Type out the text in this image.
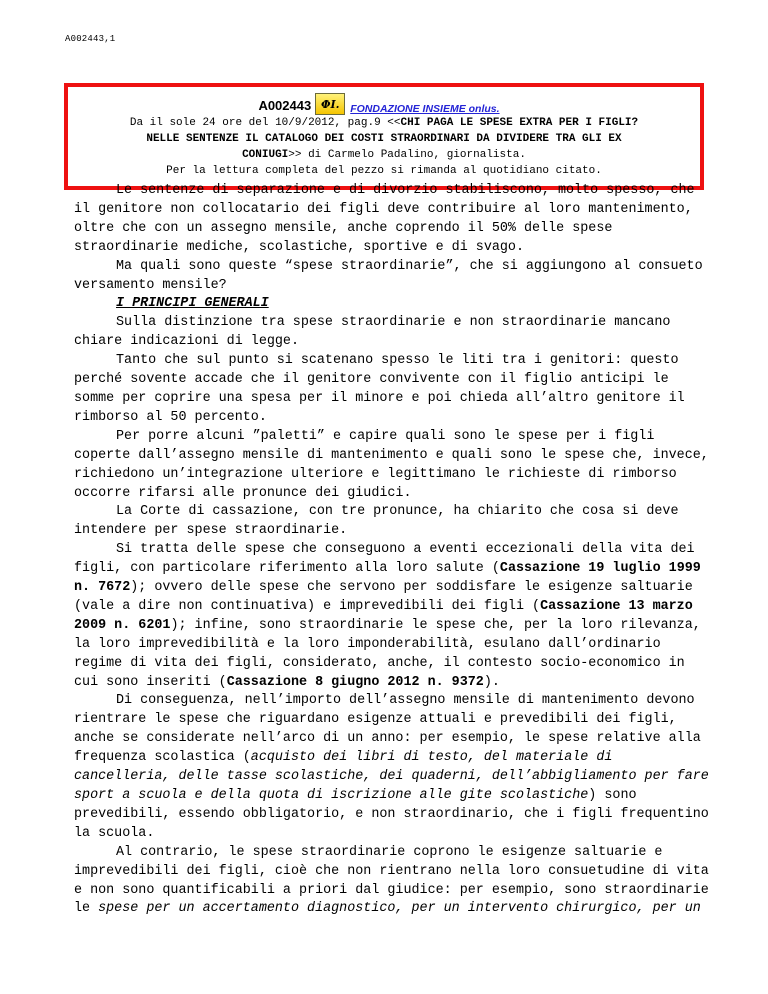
A002443,1
A002443 ΦI.	FONDAZIONE INSIEME onlus.
Da il sole 24 ore del 10/9/2012, pag.9 <<CHI PAGA LE SPESE EXTRA PER I FIGLI?
NELLE SENTENZE IL CATALOGO DEI COSTI STRAORDINARI DA DIVIDERE TRA GLI EX
CONIUGI>> di Carmelo Padalino, giornalista.
Per la lettura completa del pezzo si rimanda al quotidiano citato.

Le sentenze di separazione e di divorzio stabiliscono, molto spesso, che il genitore non collocatario dei figli deve contribuire al loro mantenimento, oltre che con un assegno mensile, anche coprendo il 50% delle spese straordinarie mediche, scolastiche, sportive e di svago.

Ma quali sono queste “spese straordinarie”, che si aggiungono al consueto versamento mensile?

I PRINCIPI GENERALI

Sulla distinzione tra spese straordinarie e non straordinarie mancano chiare indicazioni di legge.

Tanto che sul punto si scatenano spesso le liti tra i genitori: questo perché sovente accade che il genitore convivente con il figlio anticipi le somme per coprire una spesa per il minore e poi chieda all’altro genitore il rimborso al 50 percento.

Per porre alcuni ”paletti” e capire quali sono le spese per i figli coperte dall’assegno mensile di mantenimento e quali sono le spese che, invece, richiedono un’integrazione ulteriore e legittimano le richieste di rimborso occorre rifarsi alle pronunce dei giudici.

La Corte di cassazione, con tre pronunce, ha chiarito che cosa si deve intendere per spese straordinarie.

Si tratta delle spese che conseguono a eventi eccezionali della vita dei figli, con particolare riferimento alla loro salute (Cassazione 19 luglio 1999 n. 7672); ovvero delle spese che servono per soddisfare le esigenze saltuarie (vale a dire non continuativa) e imprevedibili dei figli (Cassazione 13 marzo 2009 n. 6201); infine, sono straordinarie le spese che, per la loro rilevanza, la loro imprevedibilità e la loro imponderabilità, esulano dall’ordinario regime di vita dei figli, considerato, anche, il contesto socio-economico in cui sono inseriti (Cassazione 8 giugno 2012 n. 9372).

Di conseguenza, nell’importo dell’assegno mensile di mantenimento devono rientrare le spese che riguardano esigenze attuali e prevedibili dei figli, anche se considerate nell’arco di un anno: per esempio, le spese relative alla frequenza scolastica (acquisto dei libri di testo, del materiale di cancelleria, delle tasse scolastiche, dei quaderni, dell’abbigliamento per fare sport a scuola e della quota di iscrizione alle gite scolastiche) sono prevedibili, essendo obbligatorio, e non straordinario, che i figli frequentino la scuola.

Al contrario, le spese straordinarie coprono le esigenze saltuarie e imprevedibili dei figli, cioè che non rientrano nella loro consuetudine di vita e non sono quantificabili a priori dal giudice: per esempio, sono straordinarie le spese per un accertamento diagnostico, per un intervento chirurgico, per un
